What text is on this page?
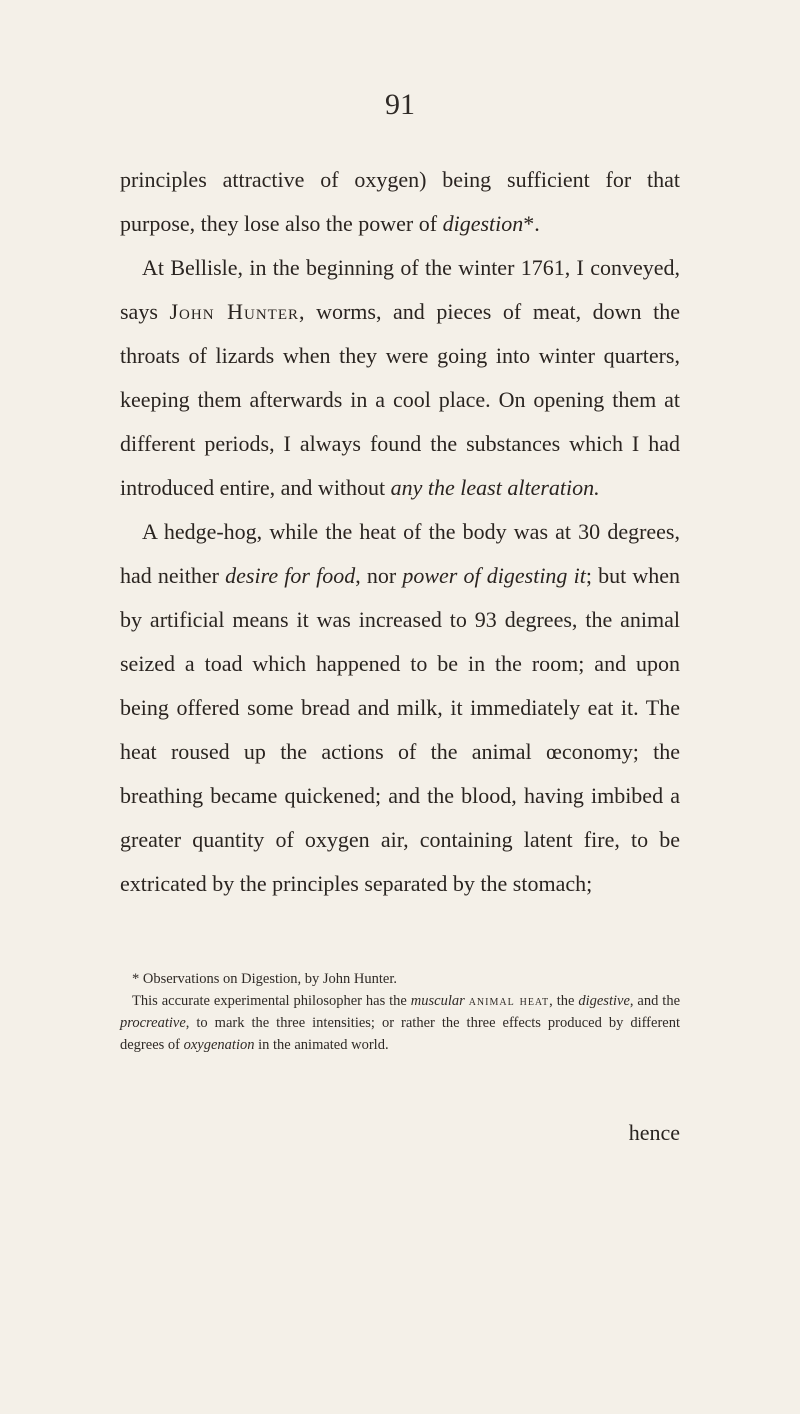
91

principles attractive of oxygen) being sufficient for that purpose, they lose also the power of digestion*.

At Bellisle, in the beginning of the winter 1761, I conveyed, says John Hunter, worms, and pieces of meat, down the throats of lizards when they were going into winter quarters, keeping them afterwards in a cool place. On opening them at different periods, I always found the substances which I had introduced entire, and without any the least alteration.

A hedge-hog, while the heat of the body was at 30 degrees, had neither desire for food, nor power of digesting it; but when by artificial means it was increased to 93 degrees, the animal seized a toad which happened to be in the room; and upon being offered some bread and milk, it immediately eat it. The heat roused up the actions of the animal œconomy; the breathing became quickened; and the blood, having imbibed a greater quantity of oxygen air, containing latent fire, to be extricated by the principles separated by the stomach;

* Observations on Digestion, by John Hunter.

This accurate experimental philosopher has the muscular animal heat, the digestive, and the procreative, to mark the three intensities; or rather the three effects produced by different degrees of oxygenation in the animated world.

hence
